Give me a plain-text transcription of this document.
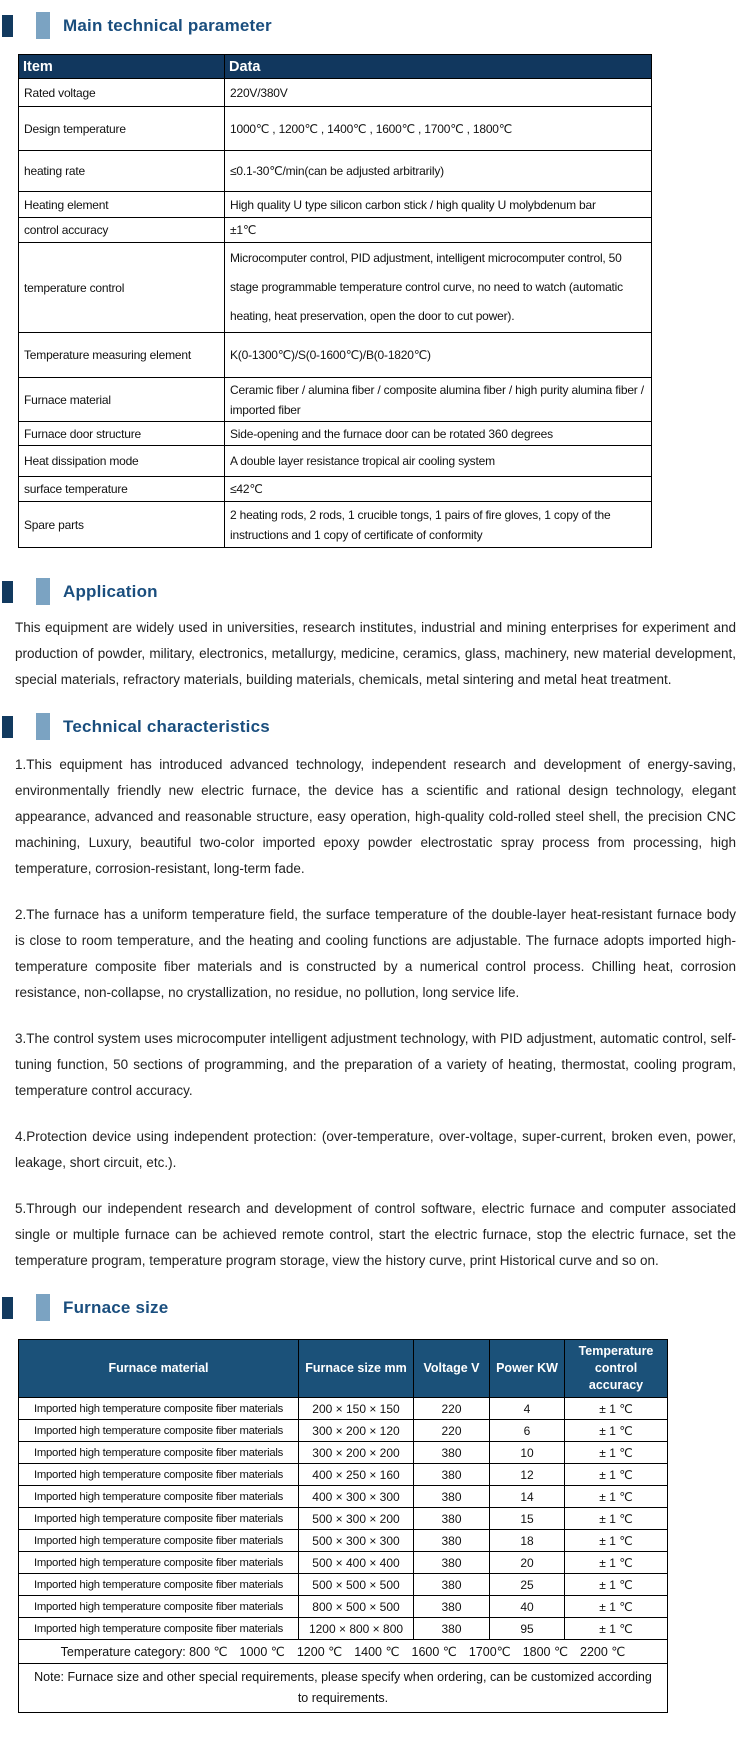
Main technical parameter
Item	Data
Rated voltage	220V/380V
Design temperature	1000℃ , 1200℃ , 1400℃ , 1600℃ , 1700℃ , 1800℃
heating rate	≤0.1-30℃/min(can be adjusted arbitrarily)
Heating element	High quality U type silicon carbon stick / high quality U molybdenum bar
control accuracy	±1℃
temperature control	Microcomputer control, PID adjustment, intelligent microcomputer control, 50 stage programmable temperature control curve, no need to watch (automatic heating, heat preservation, open the door to cut power).
Temperature measuring element	K(0-1300℃)/S(0-1600℃)/B(0-1820℃)
Furnace material	Ceramic fiber / alumina fiber / composite alumina fiber / high purity alumina fiber / imported fiber
Furnace door structure	Side-opening and the furnace door can be rotated 360 degrees
Heat dissipation mode	A double layer resistance tropical air cooling system
surface temperature	≤42℃
Spare parts	2 heating rods, 2 rods, 1 crucible tongs, 1 pairs of fire gloves, 1 copy of the instructions and 1 copy of certificate of conformity
Application

This equipment are widely used in universities, research institutes, industrial and mining enterprises for experiment and production of powder, military, electronics, metallurgy, medicine, ceramics, glass, machinery, new material development, special materials, refractory materials, building materials, chemicals, metal sintering and metal heat treatment.

Technical characteristics

1.This equipment has introduced advanced technology, independent research and development of energy-saving, environmentally friendly new electric furnace, the device has a scientific and rational design technology, elegant appearance, advanced and reasonable structure, easy operation, high-quality cold-rolled steel shell, the precision CNC machining, Luxury, beautiful two-color imported epoxy powder electrostatic spray process from processing, high temperature, corrosion-resistant, long-term fade.

2.The furnace has a uniform temperature field, the surface temperature of the double-layer heat-resistant furnace body is close to room temperature, and the heating and cooling functions are adjustable. The furnace adopts imported high-temperature composite fiber materials and is constructed by a numerical control process. Chilling heat, corrosion resistance, non-collapse, no crystallization, no residue, no pollution, long service life.

3.The control system uses microcomputer intelligent adjustment technology, with PID adjustment, automatic control, self-tuning function, 50 sections of programming, and the preparation of a variety of heating, thermostat, cooling program, temperature control accuracy.

4.Protection device using independent protection: (over-temperature, over-voltage, super-current, broken even, power, leakage, short circuit, etc.).

5.Through our independent research and development of control software, electric furnace and computer associated single or multiple furnace can be achieved remote control, start the electric furnace, stop the electric furnace, set the temperature program, temperature program storage, view the history curve, print Historical curve and so on.

Furnace size
Furnace material	Furnace size mm	Voltage V	Power KW	Temperature control accuracy
Imported high temperature composite fiber materials	200 × 150 × 150	220	4	± 1 ℃
Imported high temperature composite fiber materials	300 × 200 × 120	220	6	± 1 ℃
Imported high temperature composite fiber materials	300 × 200 × 200	380	10	± 1 ℃
Imported high temperature composite fiber materials	400 × 250 × 160	380	12	± 1 ℃
Imported high temperature composite fiber materials	400 × 300 × 300	380	14	± 1 ℃
Imported high temperature composite fiber materials	500 × 300 × 200	380	15	± 1 ℃
Imported high temperature composite fiber materials	500 × 300 × 300	380	18	± 1 ℃
Imported high temperature composite fiber materials	500 × 400 × 400	380	20	± 1 ℃
Imported high temperature composite fiber materials	500 × 500 × 500	380	25	± 1 ℃
Imported high temperature composite fiber materials	800 × 500 × 500	380	40	± 1 ℃
Imported high temperature composite fiber materials	1200 × 800 × 800	380	95	± 1 ℃
Temperature category: 800 ℃ 1000 ℃ 1200 ℃ 1400 ℃ 1600 ℃ 1700℃ 1800 ℃ 2200 ℃				
Note: Furnace size and other special requirements, please specify when ordering, can be customized according to requirements.				
